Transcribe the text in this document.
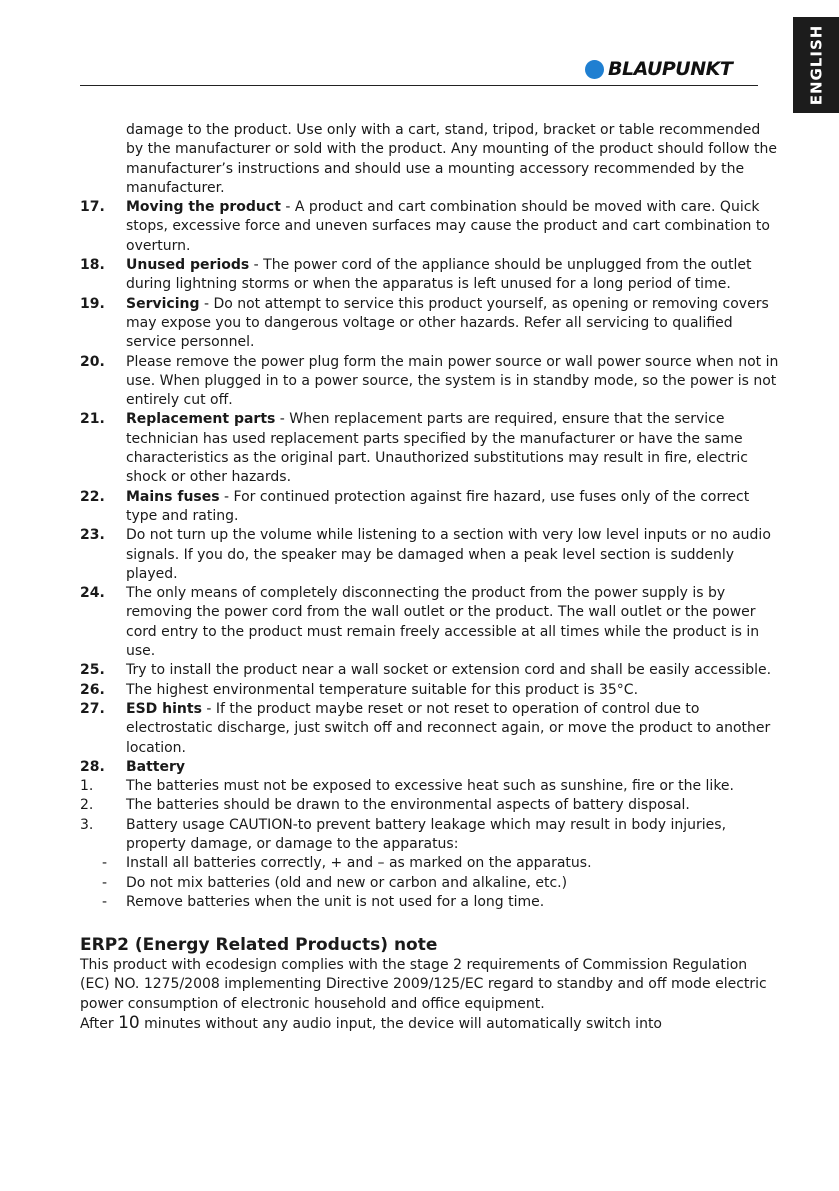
ENGLISH
BLAUPUNKT
damage to the product. Use only with a cart, stand, tripod, bracket or table recommended by the manufacturer or sold with the product. Any mounting of the product should follow the manufacturer’s instructions and should use a mounting accessory recommended by the manufacturer.
17. Moving the product - A product and cart combination should be moved with care. Quick stops, excessive force and uneven surfaces may cause the product and cart combination to overturn.
18. Unused periods - The power cord of the appliance should be unplugged from the outlet during lightning storms or when the apparatus is left unused for a long period of time.
19. Servicing - Do not attempt to service this product yourself, as opening or removing covers may expose you to dangerous voltage or other hazards. Refer all servicing to qualified service personnel.
20. Please remove the power plug form the main power source or wall power source when not in use. When plugged in to a power source, the system is in standby mode, so the power is not entirely cut off.
21. Replacement parts - When replacement parts are required, ensure that the service technician has used replacement parts specified by the manufacturer or have the same characteristics as the original part. Unauthorized substitutions may result in fire, electric shock or other hazards.
22. Mains fuses - For continued protection against fire hazard, use fuses only of the correct type and rating.
23. Do not turn up the volume while listening to a section with very low level inputs or no audio signals. If you do, the speaker may be damaged when a peak level section is suddenly played.
24. The only means of completely disconnecting the product from the power supply is by removing the power cord from the wall outlet or the product. The wall outlet or the power cord entry to the product must remain freely accessible at all times while the product is in use.
25. Try to install the product near a wall socket or extension cord and shall be easily accessible.
26. The highest environmental temperature suitable for this product is 35°C.
27. ESD hints - If the product maybe reset or not reset to operation of control due to electrostatic discharge, just switch off and reconnect again, or move the product to another location.
28. Battery
1. The batteries must not be exposed to excessive heat such as sunshine, fire or the like.
2. The batteries should be drawn to the environmental aspects of battery disposal.
3. Battery usage CAUTION-to prevent battery leakage which may result in body injuries, property damage, or damage to the apparatus:
- Install all batteries correctly, + and – as marked on the apparatus.
- Do not mix batteries (old and new or carbon and alkaline, etc.)
- Remove batteries when the unit is not used for a long time.
ERP2 (Energy Related Products) note
This product with ecodesign complies with the stage 2 requirements of Commission Regulation (EC) NO. 1275/2008 implementing Directive 2009/125/EC regard to standby and off mode electric power consumption of electronic household and office equipment.
After 10 minutes without any audio input, the device will automatically switch into
